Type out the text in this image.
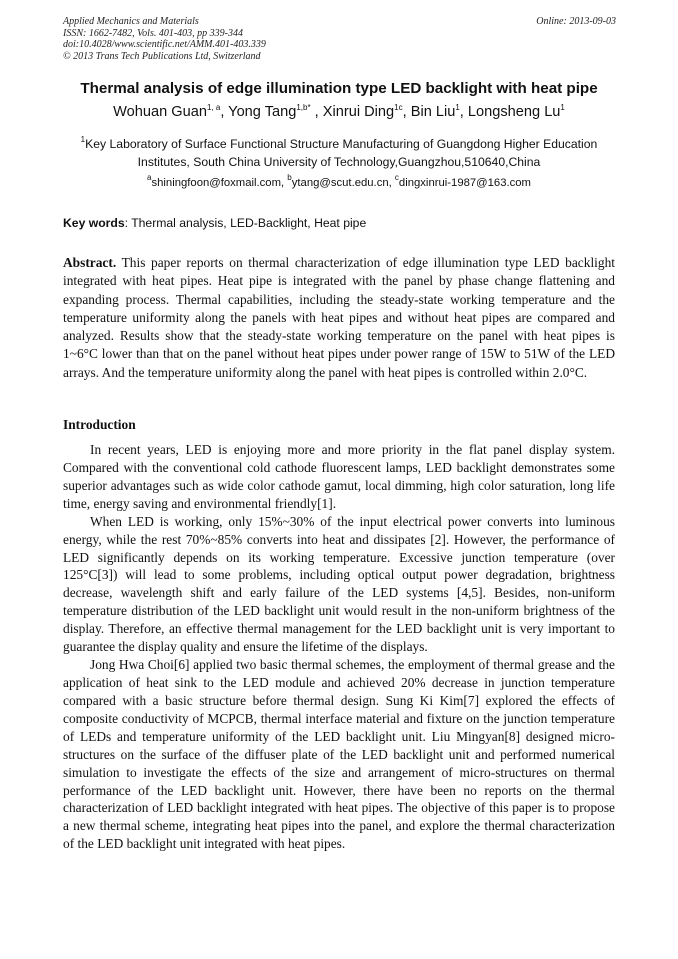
Applied Mechanics and Materials	Online: 2013-09-03
ISSN: 1662-7482, Vols. 401-403, pp 339-344
doi:10.4028/www.scientific.net/AMM.401-403.339
© 2013 Trans Tech Publications Ltd, Switzerland
Thermal analysis of edge illumination type LED backlight with heat pipe
Wohuan Guan$^{1, a}$, Yong Tang$^{1,b*}$ , Xinrui Ding$^{1c}$, Bin Liu$^1$, Longsheng Lu$^1$
$^1$Key Laboratory of Surface Functional Structure Manufacturing of Guangdong Higher Education
Institutes, South China University of Technology,Guangzhou,510640,China
$^a$shiningfoon@foxmail.com, $^b$ytang@scut.edu.cn, $^c$dingxinrui-1987@163.com
Key words: Thermal analysis, LED-Backlight, Heat pipe

Abstract. This paper reports on thermal characterization of edge illumination type LED backlight integrated with heat pipes. Heat pipe is integrated with the panel by phase change flattening and expanding process. Thermal capabilities, including the steady-state working temperature and the temperature uniformity along the panels with heat pipes and without heat pipes are compared and analyzed. Results show that the steady-state working temperature on the panel with heat pipes is 1~6°C lower than that on the panel without heat pipes under power range of 15W to 51W of the LED arrays. And the temperature uniformity along the panel with heat pipes is controlled within 2.0°C.

Introduction

In recent years, LED is enjoying more and more priority in the flat panel display system. Compared with the conventional cold cathode fluorescent lamps, LED backlight demonstrates some superior advantages such as wide color cathode gamut, local dimming, high color saturation, long life time, energy saving and environmental friendly[1].

When LED is working, only 15%~30% of the input electrical power converts into luminous energy, while the rest 70%~85% converts into heat and dissipates [2]. However, the performance of LED significantly depends on its working temperature. Excessive junction temperature (over 125°C[3]) will lead to some problems, including optical output power degradation, brightness decrease, wavelength shift and early failure of the LED systems [4,5]. Besides, non-uniform temperature distribution of the LED backlight unit would result in the non-uniform brightness of the display. Therefore, an effective thermal management for the LED backlight unit is very important to guarantee the display quality and ensure the lifetime of the displays.

Jong Hwa Choi[6] applied two basic thermal schemes, the employment of thermal grease and the application of heat sink to the LED module and achieved 20% decrease in junction temperature compared with a basic structure before thermal design. Sung Ki Kim[7] explored the effects of composite conductivity of MCPCB, thermal interface material and fixture on the junction temperature of LEDs and temperature uniformity of the LED backlight unit. Liu Mingyan[8] designed micro-structures on the surface of the diffuser plate of the LED backlight unit and performed numerical simulation to investigate the effects of the size and arrangement of micro-structures on thermal performance of the LED backlight unit. However, there have been no reports on the thermal characterization of LED backlight integrated with heat pipes. The objective of this paper is to propose a new thermal scheme, integrating heat pipes into the panel, and explore the thermal characterization of the LED backlight unit integrated with heat pipes.
